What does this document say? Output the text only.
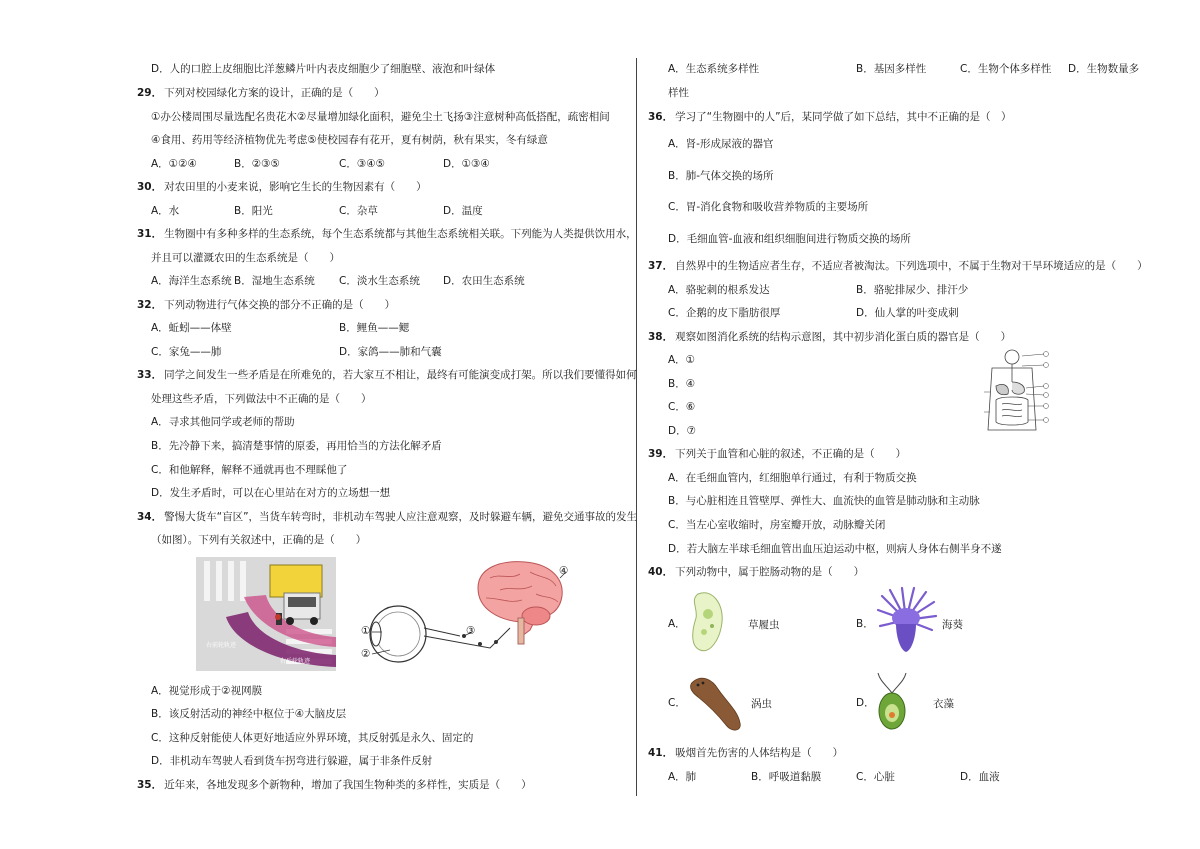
D．人的口腔上皮细胞比洋葱鳞片叶内表皮细胞少了细胞壁、液泡和叶绿体
29． 下列对校园绿化方案的设计，正确的是（　　）
①办公楼周围尽量选配名贵花木②尽量增加绿化面积，避免尘土飞扬③注意树种高低搭配，疏密相间
④食用、药用等经济植物优先考虑⑤使校园春有花开，夏有树荫，秋有果实，冬有绿意
A．①②④	B．②③⑤	C．③④⑤	D．①③④
30． 对农田里的小麦来说，影响它生长的生物因素有（　　）
A．水	B．阳光	C．杂草	D．温度
31． 生物圈中有多种多样的生态系统，每个生态系统都与其他生态系统相关联。下列能为人类提供饮用水，
并且可以灌溉农田的生态系统是（　　）
A．海洋生态系统 B．湿地生态系统 C．淡水生态系统 D．农田生态系统
32． 下列动物进行气体交换的部分不正确的是（　　）
A．蚯蚓——体壁	B．鲤鱼——鳃
C．家兔——肺	D．家鸽——肺和气囊
33． 同学之间发生一些矛盾是在所难免的，若大家互不相让，最终有可能演变成打架。所以我们要懂得如何
处理这些矛盾，下列做法中不正确的是（　　）
A．寻求其他同学或老师的帮助
B．先冷静下来，搞清楚事情的原委，再用恰当的方法化解矛盾
C．和他解释，解释不通就再也不理睬他了
D．发生矛盾时，可以在心里站在对方的立场想一想
34． 警惕大货车“盲区”，当货车转弯时，非机动车驾驶人应注意观察，及时躲避车辆，避免交通事故的发生
（如图）。下列有关叙述中，正确的是（　　）
右前轮轨迹
右后轮轨迹
①
②
③
④
A．视觉形成于②视网膜
B．该反射活动的神经中枢位于④大脑皮层
C．这种反射能使人体更好地适应外界环境，其反射弧是永久、固定的
D．非机动车驾驶人看到货车拐弯进行躲避，属于非条件反射
35． 近年来，各地发现多个新物种，增加了我国生物种类的多样性，实质是（　　）
A．生态系统多样性	B．基因多样性	C．生物个体多样性 D．生物数量多
样性
36． 学习了“生物圈中的人”后，某同学做了如下总结，其中不正确的是（　）
A．肾-形成尿液的器官
B．肺-气体交换的场所
C．胃-消化食物和吸收营养物质的主要场所
D．毛细血管-血液和组织细胞间进行物质交换的场所
37． 自然界中的生物适应者生存，不适应者被淘汰。下列选项中，不属于生物对干旱环境适应的是（　　）
A．骆驼刺的根系发达	B．骆驼排尿少、排汗少
C．企鹅的皮下脂肪很厚	D．仙人掌的叶变成刺
38． 观察如图消化系统的结构示意图，其中初步消化蛋白质的器官是（　　）
A．①
B．④
C．⑥
D．⑦
39． 下列关于血管和心脏的叙述，不正确的是（　　）
A．在毛细血管内，红细胞单行通过，有利于物质交换
B．与心脏相连且管壁厚、弹性大、血流快的血管是肺动脉和主动脉
C．当左心室收缩时，房室瓣开放，动脉瓣关闭
D．若大脑左半球毛细血管出血压迫运动中枢，则病人身体右侧半身不遂
40． 下列动物中，属于腔肠动物的是（　　）
A．	草履虫	B．	海葵
C．	涡虫	D．	衣藻
41． 吸烟首先伤害的人体结构是（　　）
A．肺	B．呼吸道黏膜	C．心脏	D．血液
